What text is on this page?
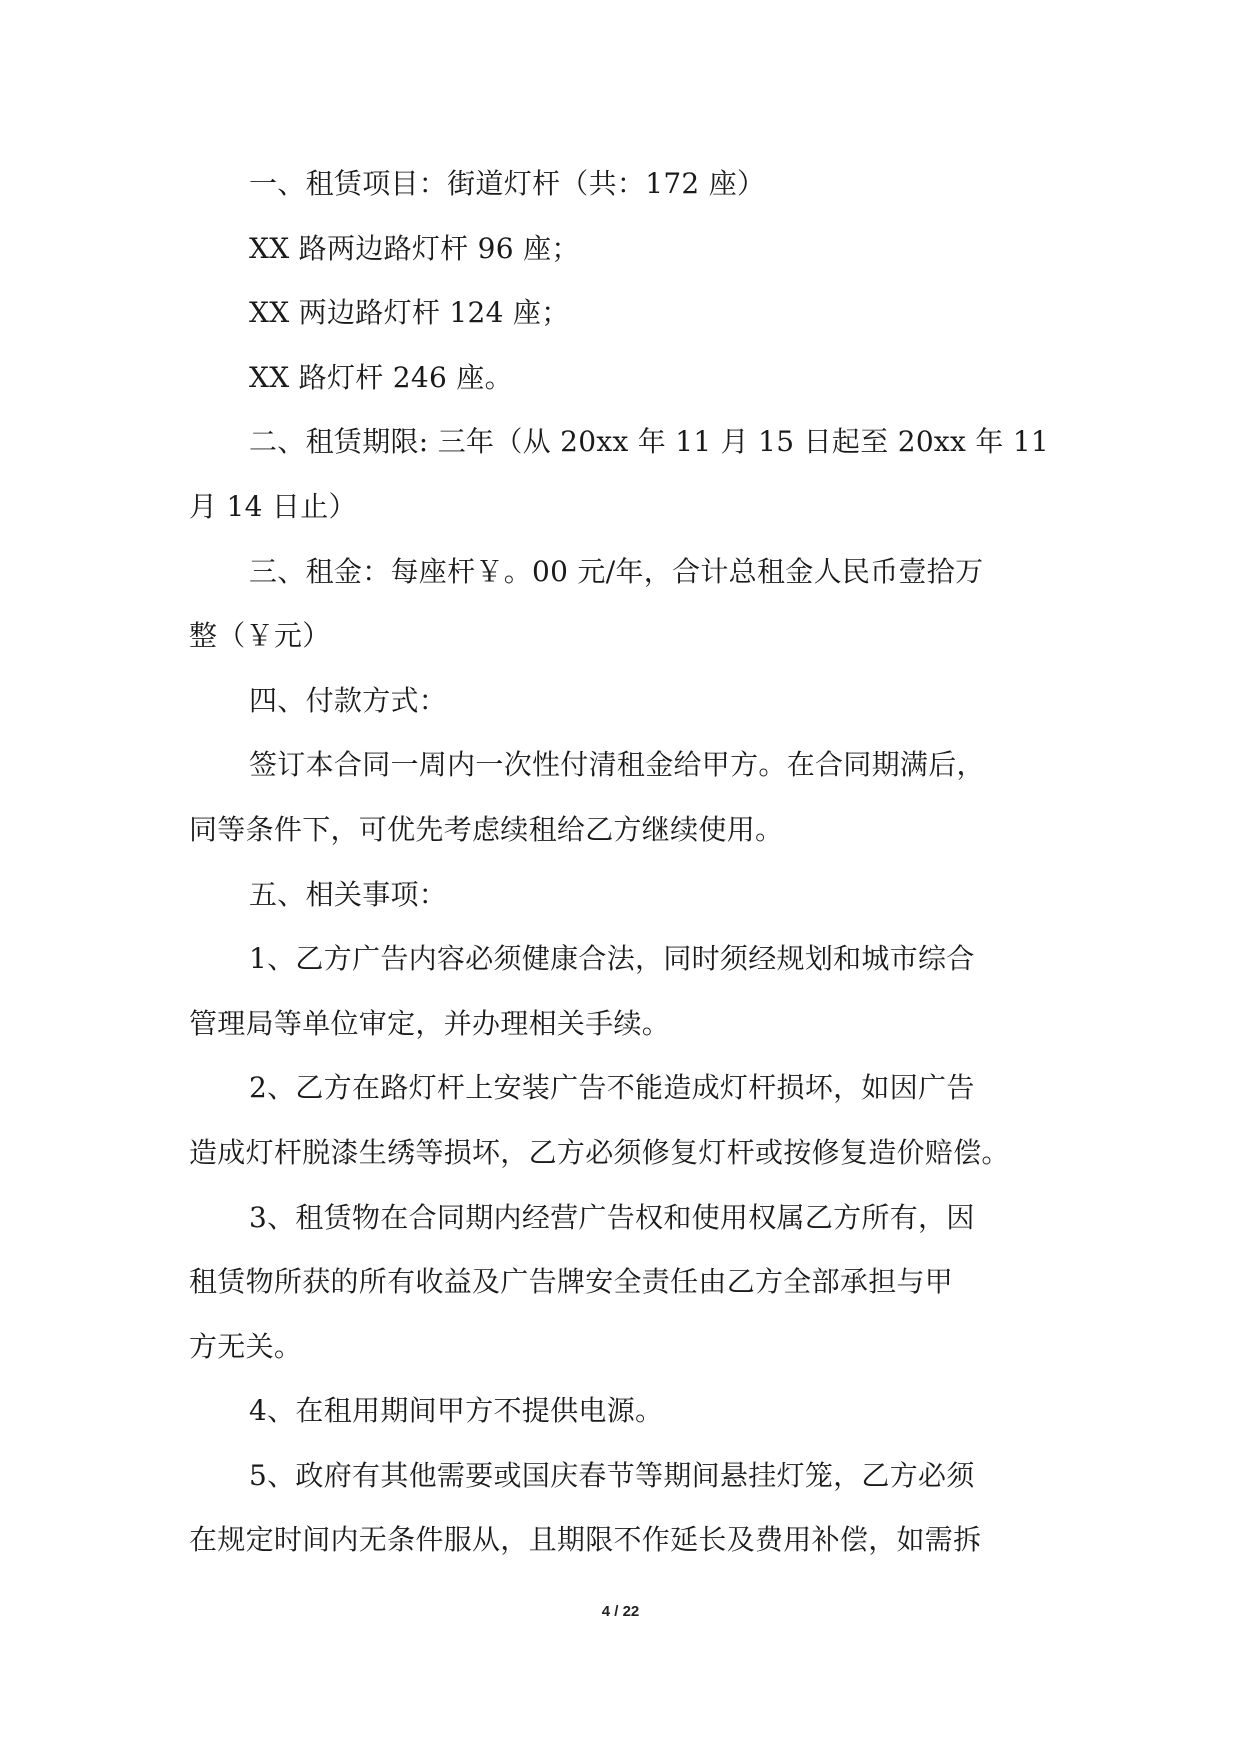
一、租赁项目：街道灯杆（共：172 座）
XX 路两边路灯杆 96 座；
XX 两边路灯杆 124 座；
XX 路灯杆 246 座。
二、租赁期限: 三年（从 20xx 年 11 月 15 日起至 20xx 年 11
月 14 日止）
三、租金：每座杆￥。00 元/年，合计总租金人民币壹拾万
整（￥元）
四、付款方式：
签订本合同一周内一次性付清租金给甲方。在合同期满后，
同等条件下，可优先考虑续租给乙方继续使用。
五、相关事项：
1、乙方广告内容必须健康合法，同时须经规划和城市综合
管理局等单位审定，并办理相关手续。
2、乙方在路灯杆上安装广告不能造成灯杆损坏，如因广告
造成灯杆脱漆生绣等损坏，乙方必须修复灯杆或按修复造价赔偿。
3、租赁物在合同期内经营广告权和使用权属乙方所有，因
租赁物所获的所有收益及广告牌安全责任由乙方全部承担与甲
方无关。
4、在租用期间甲方不提供电源。
5、政府有其他需要或国庆春节等期间悬挂灯笼，乙方必须
在规定时间内无条件服从，且期限不作延长及费用补偿，如需拆
4 / 22
